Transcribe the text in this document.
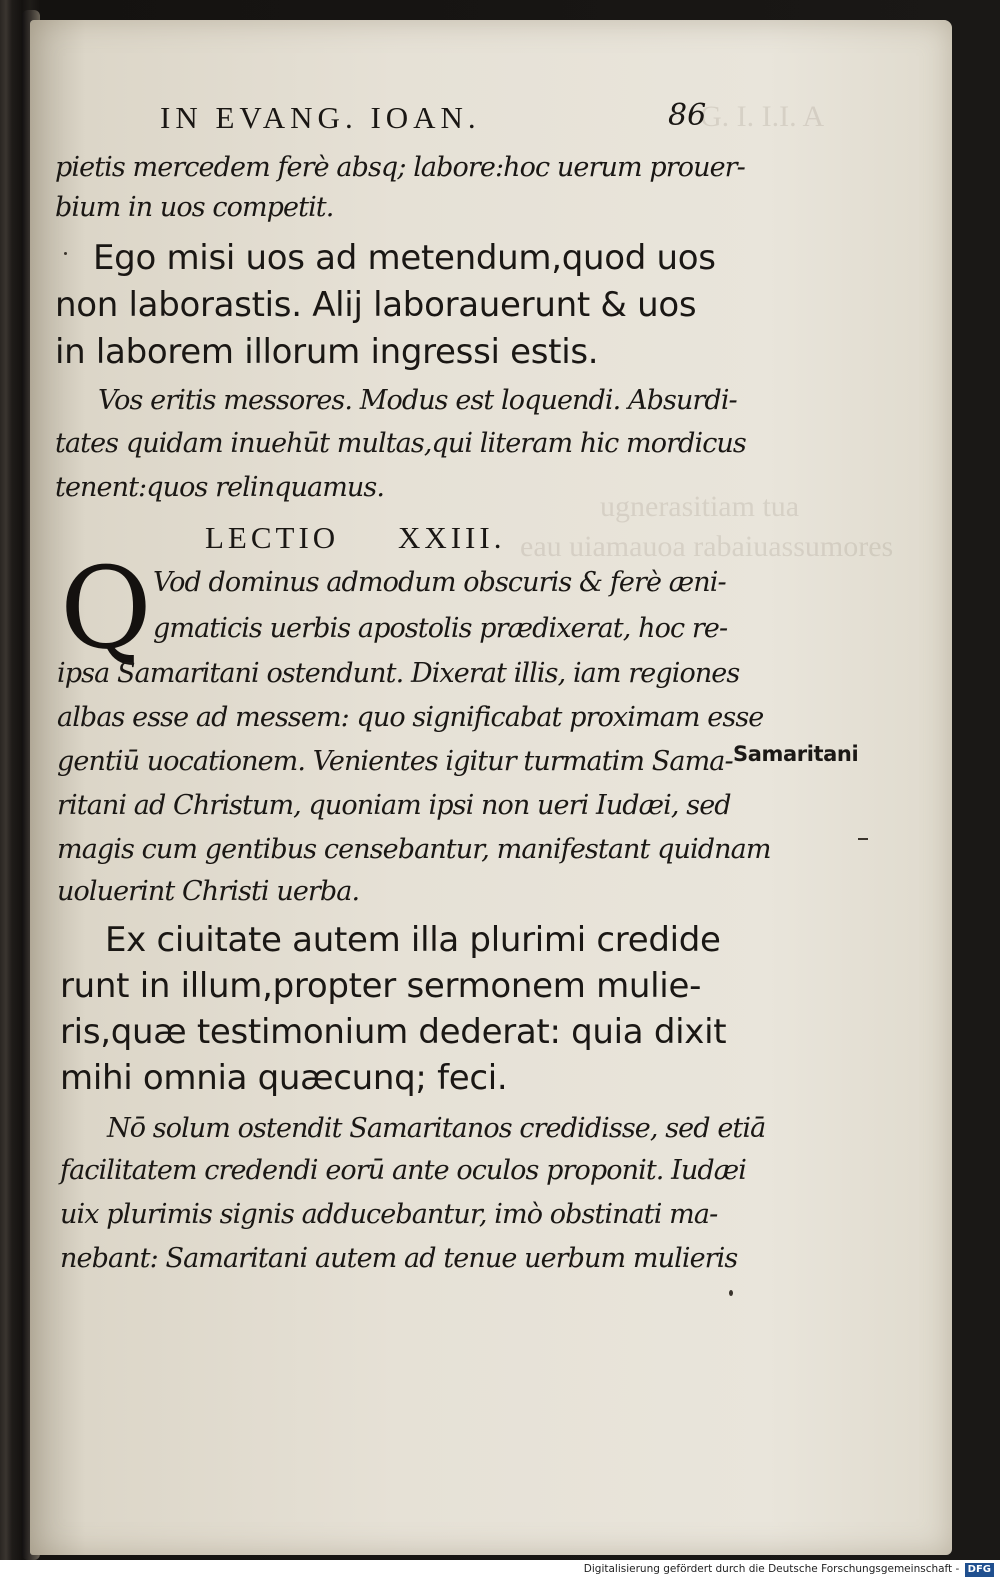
G. I. I.I. A
ugnerasitiam tua
eau uiamauoa rabaiuassumores
IN EVANG. IOAN.	86
pietis mercedem ferè absq; labore:hoc uerum prouer-
bium in uos competit.
Ego misi uos ad metendum,quod uos
non laborastis. Alij laborauerunt & uos
in laborem illorum ingressi estis.
Vos eritis messores. Modus est loquendi. Absurdi-
tates quidam inuehūt multas,qui literam hic mordicus
tenent:quos relinquamus.
LECTIO     XXIII.
Q Vod dominus admodum obscuris & ferè æni-
gmaticis uerbis apostolis prædixerat, hoc re-
ipsa Samaritani ostendunt. Dixerat illis, iam regiones
albas esse ad messem: quo significabat proximam esse
gentiū uocationem. Venientes igitur turmatim Sama-
ritani ad Christum, quoniam ipsi non ueri Iudæi, sed
magis cum gentibus censebantur, manifestant quidnam
uoluerint Christi uerba.
Samaritani
Ex ciuitate autem illa plurimi credide
runt in illum,propter sermonem mulie-
ris,quæ testimonium dederat: quia dixit
mihi omnia quæcunq; feci.
Nō solum ostendit Samaritanos credidisse, sed etiā
facilitatem credendi eorū ante oculos proponit. Iudæi
uix plurimis signis adducebantur, imò obstinati ma-
nebant: Samaritani autem ad tenue uerbum mulieris
Digitalisierung gefördert durch die Deutsche Forschungsgemeinschaft - DFG
